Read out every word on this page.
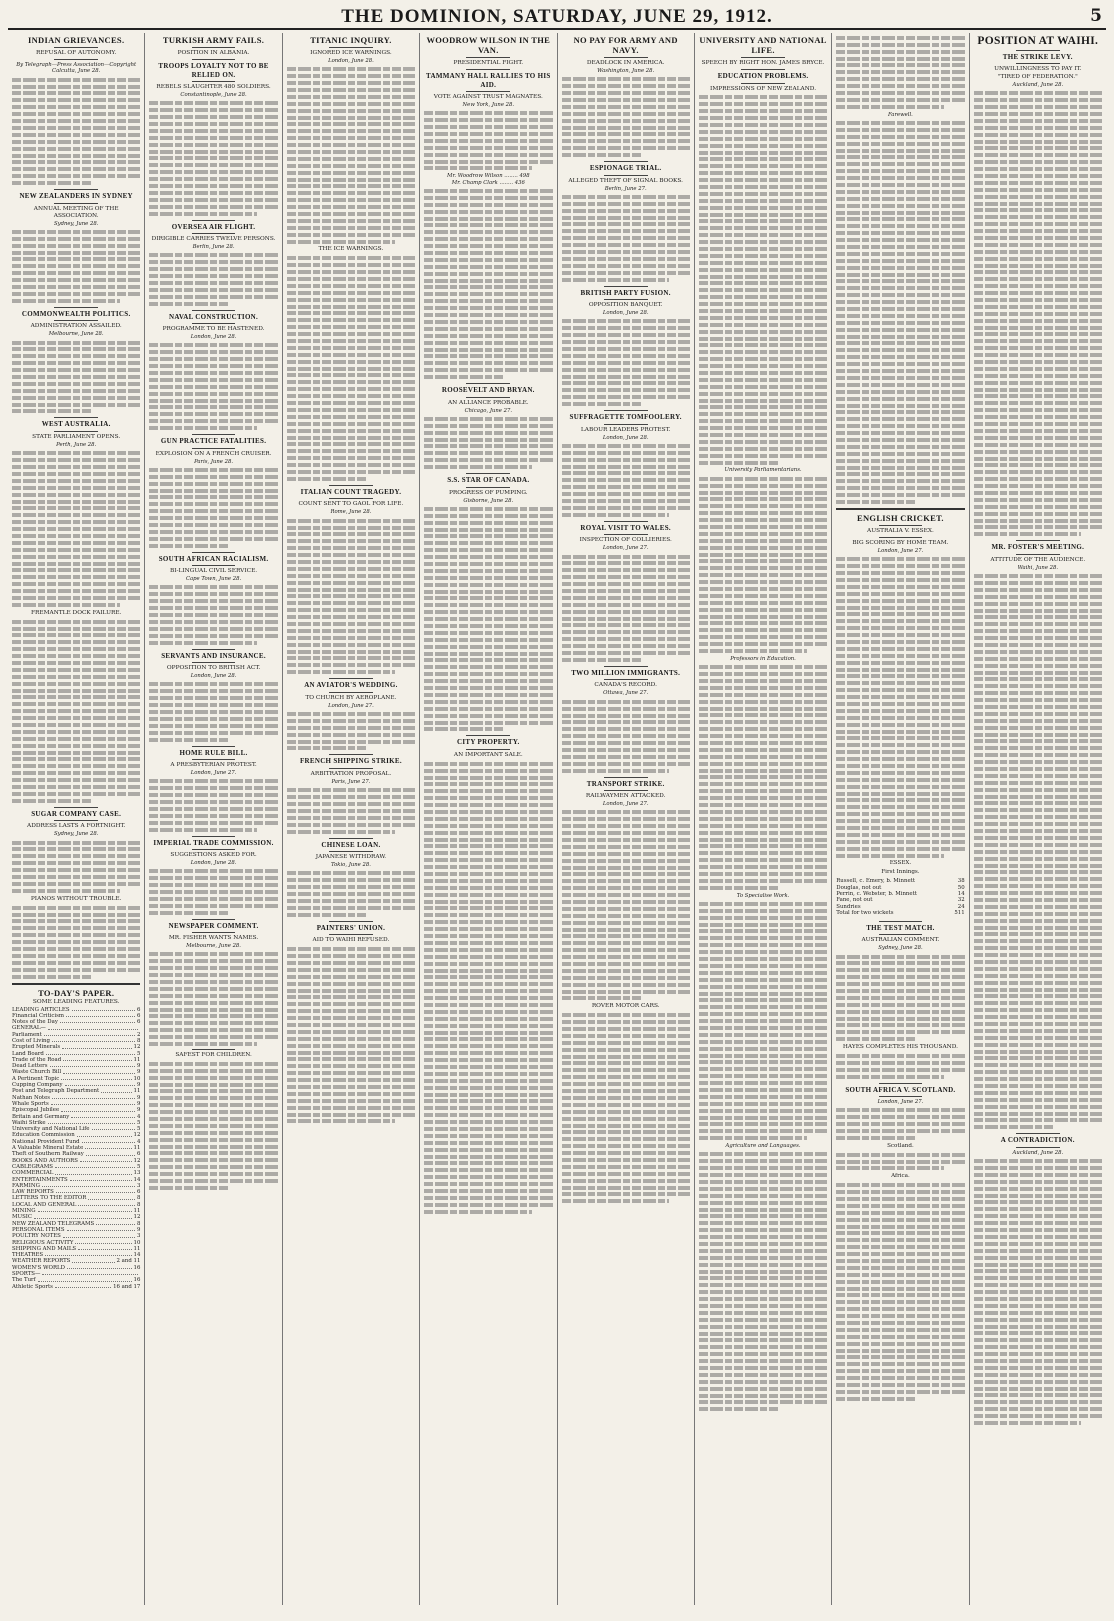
THE DOMINION, SATURDAY, JUNE 29, 1912.	5
INDIAN GRIEVANCES.
REFUSAL OF AUTONOMY.
By Telegraph—Press Association—Copyright
Calcutta, June 28.
NEW ZEALANDERS IN SYDNEY
ANNUAL MEETING OF THE ASSOCIATION.
Sydney, June 28.
COMMONWEALTH POLITICS.
ADMINISTRATION ASSAILED.
Melbourne, June 28.
WEST AUSTRALIA.
STATE PARLIAMENT OPENS.
Perth, June 28.
FREMANTLE DOCK FAILURE.
SUGAR COMPANY CASE.
ADDRESS LASTS A FORTNIGHT.
Sydney, June 28.
PIANOS WITHOUT TROUBLE.
TO-DAY'S PAPER.
SOME LEADING FEATURES.
LEADING ARTICLES	6
Financial Criticism	6
Notes of the Day	6
GENERAL—
Parliament	2
Cost of Living	8
Erupted Minerals	12
Land Board	5
Trade of the Road	11
Dead Letters	9
Waste Church Bill	9
A Pertinent Topic	10
Cupping Company	9
Post and Telegraph Department	11
Nathan Notes	9
Whale Sports	9
Episcopal Jubilee	9
Britain and Germany	4
Waihi Strike	5
University and National Life	5
Education Commission	12
National Provident Fund	4
A Valuable Mineral Estate	11
Theft of Southern Railway	6
BOOKS AND AUTHORS	12
CABLEGRAMS	5
COMMERCIAL	13
ENTERTAINMENTS	14
FARMING	3
LAW REPORTS	6
LETTERS TO THE EDITOR	8
LOCAL AND GENERAL	8
MINING	11
MUSIC	12
NEW ZEALAND TELEGRAMS	8
PERSONAL ITEMS	9
POULTRY NOTES	3
RELIGIOUS ACTIVITY	10
SHIPPING AND MAILS	11
THEATRES	14
WEATHER REPORTS	2 and 11
WOMEN'S WORLD	16
SPORTS—
The Turf	16
Athletic Sports	16 and 17
TURKISH ARMY FAILS.
POSITION IN ALBANIA.
TROOPS LOYALTY NOT TO BE RELIED ON.
REBELS SLAUGHTER 480 SOLDIERS.
Constantinople, June 28.
OVERSEA AIR FLIGHT.
DIRIGIBLE CARRIES TWELVE PERSONS.
Berlin, June 28.
NAVAL CONSTRUCTION.
PROGRAMME TO BE HASTENED.
London, June 28.
GUN PRACTICE FATALITIES.
EXPLOSION ON A FRENCH CRUISER.
Paris, June 28.
SOUTH AFRICAN RACIALISM.
BI-LINGUAL CIVIL SERVICE.
Cape Town, June 28.
SERVANTS AND INSURANCE.
OPPOSITION TO BRITISH ACT.
London, June 28.
HOME RULE BILL.
A PRESBYTERIAN PROTEST.
London, June 27.
IMPERIAL TRADE COMMISSION.
SUGGESTIONS ASKED FOR.
London, June 28.
NEWSPAPER COMMENT.
MR. FISHER WANTS NAMES.
Melbourne, June 28.
SAFEST FOR CHILDREN.
TITANIC INQUIRY.
IGNORED ICE WARNINGS.
London, June 28.
THE ICE WARNINGS.
ITALIAN COUNT TRAGEDY.
COUNT SENT TO GAOL FOR LIFE.
Rome, June 28.
AN AVIATOR'S WEDDING.
TO CHURCH BY AEROPLANE.
London, June 27.
FRENCH SHIPPING STRIKE.
ARBITRATION PROPOSAL.
Paris, June 27.
CHINESE LOAN.
JAPANESE WITHDRAW.
Tokio, June 28.
PAINTERS' UNION.
AID TO WAIHI REFUSED.
WOODROW WILSON IN THE VAN.
PRESIDENTIAL FIGHT.
TAMMANY HALL RALLIES TO HIS AID.
VOTE AGAINST TRUST MAGNATES.
New York, June 28.
Mr. Woodrow Wilson ........ 498
Mr. Champ Clark ........ 436
ROOSEVELT AND BRYAN.
AN ALLIANCE PROBABLE.
Chicago, June 27.
S.S. STAR OF CANADA.
PROGRESS OF PUMPING.
Gisborne, June 28.
CITY PROPERTY.
AN IMPORTANT SALE.
NO PAY FOR ARMY AND NAVY.
DEADLOCK IN AMERICA.
Washington, June 28.
ESPIONAGE TRIAL.
ALLEGED THEFT OF SIGNAL BOOKS.
Berlin, June 27.
BRITISH PARTY FUSION.
OPPOSITION BANQUET.
London, June 28.
SUFFRAGETTE TOMFOOLERY.
LABOUR LEADERS PROTEST.
London, June 28.
ROYAL VISIT TO WALES.
INSPECTION OF COLLIERIES.
London, June 27.
TWO MILLION IMMIGRANTS.
CANADA'S RECORD.
Ottawa, June 27.
TRANSPORT STRIKE.
RAILWAYMEN ATTACKED.
London, June 27.
ROVER MOTOR CARS.
UNIVERSITY AND NATIONAL LIFE.
SPEECH BY RIGHT HON. JAMES BRYCE.
EDUCATION PROBLEMS.
IMPRESSIONS OF NEW ZEALAND.
University Parliamentarians.
Professors in Education.
To Specialise Work.
Agriculture and Languages.
Farewell.
ENGLISH CRICKET.
AUSTRALIA V. ESSEX.
BIG SCORING BY HOME TEAM.
London, June 27.
ESSEX.
First Innings.
Russell, c. Emery, b. Minnett	38
Douglas, not out	50
Perrin, c. Webster, b. Minnett	14
Fane, not out	32
Sundries	24
Total for two wickets	511
THE TEST MATCH.
AUSTRALIAN COMMENT.
Sydney, June 28.
HAYES COMPLETES HIS THOUSAND.
SOUTH AFRICA V. SCOTLAND.
London, June 27.
Scotland.
Africa.
POSITION AT WAIHI.
THE STRIKE LEVY.
UNWILLINGNESS TO PAY IT.
"TIRED OF FEDERATION."
Auckland, June 28.
MR. FOSTER'S MEETING.
ATTITUDE OF THE AUDIENCE.
Waihi, June 28.
A CONTRADICTION.
Auckland, June 28.
